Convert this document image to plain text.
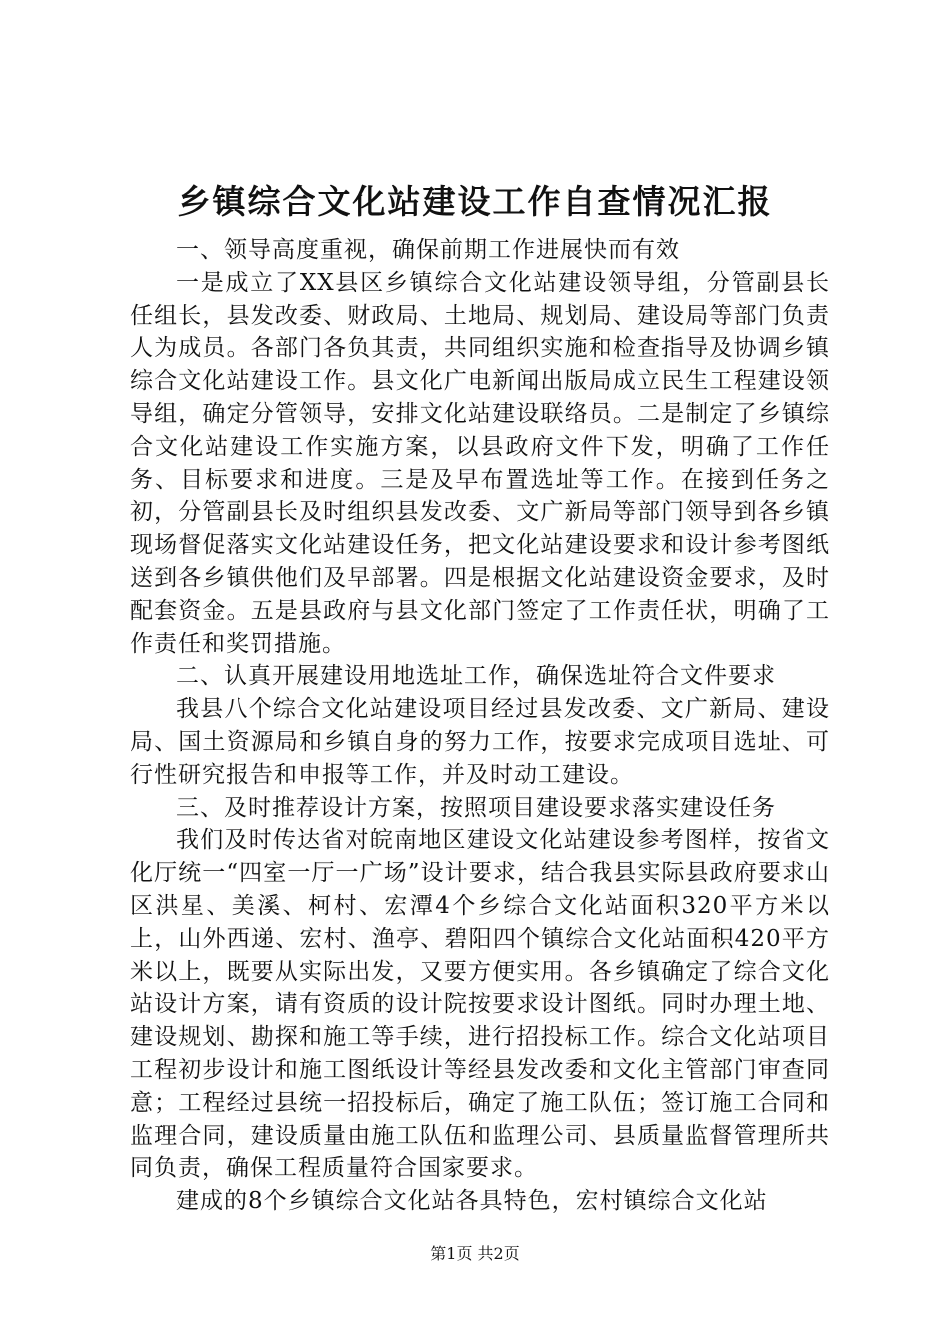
乡镇综合文化站建设工作自查情况汇报

一、领导高度重视，确保前期工作进展快而有效

一是成立了XX县区乡镇综合文化站建设领导组，分管副县长任组长，县发改委、财政局、土地局、规划局、建设局等部门负责人为成员。各部门各负其责，共同组织实施和检查指导及协调乡镇综合文化站建设工作。县文化广电新闻出版局成立民生工程建设领导组，确定分管领导，安排文化站建设联络员。二是制定了乡镇综合文化站建设工作实施方案，以县政府文件下发，明确了工作任务、目标要求和进度。三是及早布置选址等工作。在接到任务之初，分管副县长及时组织县发改委、文广新局等部门领导到各乡镇现场督促落实文化站建设任务，把文化站建设要求和设计参考图纸送到各乡镇供他们及早部署。四是根据文化站建设资金要求，及时配套资金。五是县政府与县文化部门签定了工作责任状，明确了工作责任和奖罚措施。

二、认真开展建设用地选址工作，确保选址符合文件要求

我县八个综合文化站建设项目经过县发改委、文广新局、建设局、国土资源局和乡镇自身的努力工作，按要求完成项目选址、可行性研究报告和申报等工作，并及时动工建设。

三、及时推荐设计方案，按照项目建设要求落实建设任务

我们及时传达省对皖南地区建设文化站建设参考图样，按省文化厅统一“四室一厅一广场”设计要求，结合我县实际县政府要求山区洪星、美溪、柯村、宏潭4个乡综合文化站面积320平方米以上，山外西递、宏村、渔亭、碧阳四个镇综合文化站面积420平方米以上，既要从实际出发，又要方便实用。各乡镇确定了综合文化站设计方案，请有资质的设计院按要求设计图纸。同时办理土地、建设规划、勘探和施工等手续，进行招投标工作。综合文化站项目工程初步设计和施工图纸设计等经县发改委和文化主管部门审查同意；工程经过县统一招投标后，确定了施工队伍；签订施工合同和监理合同，建设质量由施工队伍和监理公司、县质量监督管理所共同负责，确保工程质量符合国家要求。

建成的8个乡镇综合文化站各具特色，宏村镇综合文化站

第1页 共2页
